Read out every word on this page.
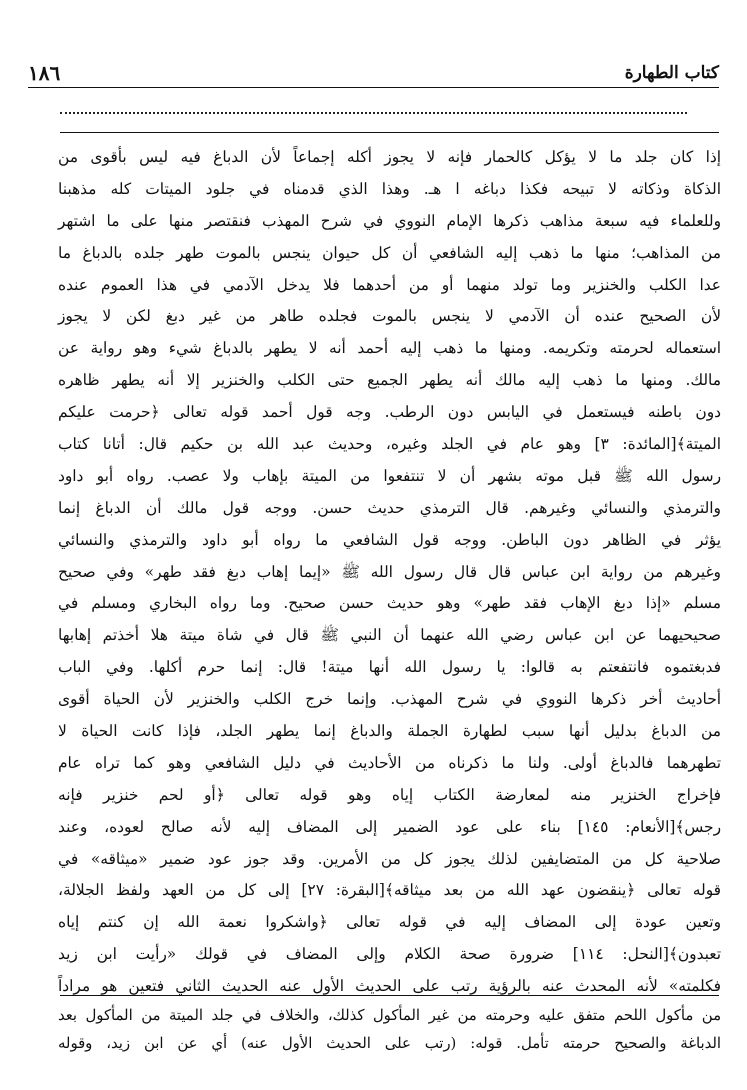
١٨٦	كتاب الطهارة
إذا كان جلد ما لا يؤكل كالحمار فإنه لا يجوز أكله إجماعاً لأن الدباغ فيه ليس بأقوى من
الذكاة وذكاته لا تبيحه فكذا دباغه ا هـ. وهذا الذي قدمناه في جلود الميتات كله مذهبنا
وللعلماء فيه سبعة مذاهب ذكرها الإمام النووي في شرح المهذب فنقتصر منها على ما اشتهر
من المذاهب؛ منها ما ذهب إليه الشافعي أن كل حيوان ينجس بالموت طهر جلده بالدباغ ما
عدا الكلب والخنزير وما تولد منهما أو من أحدهما فلا يدخل الآدمي في هذا العموم عنده
لأن الصحيح عنده أن الآدمي لا ينجس بالموت فجلده طاهر من غير دبغ لكن لا يجوز
استعماله لحرمته وتكريمه. ومنها ما ذهب إليه أحمد أنه لا يطهر بالدباغ شيء وهو رواية عن
مالك. ومنها ما ذهب إليه مالك أنه يطهر الجميع حتى الكلب والخنزير إلا أنه يطهر ظاهره
دون باطنه فيستعمل في اليابس دون الرطب. وجه قول أحمد قوله تعالى ﴿حرمت عليكم
الميتة﴾[المائدة: ٣] وهو عام في الجلد وغيره، وحديث عبد الله بن حكيم قال: أتانا كتاب
رسول الله ﷺ قبل موته بشهر أن لا تنتفعوا من الميتة بإهاب ولا عصب. رواه أبو داود
والترمذي والنسائي وغيرهم. قال الترمذي حديث حسن. ووجه قول مالك أن الدباغ إنما
يؤثر في الظاهر دون الباطن. ووجه قول الشافعي ما رواه أبو داود والترمذي والنسائي
وغيرهم من رواية ابن عباس قال قال رسول الله ﷺ «إيما إهاب دبغ فقد طهر» وفي صحيح
مسلم «إذا دبغ الإهاب فقد طهر» وهو حديث حسن صحيح. وما رواه البخاري ومسلم في
صحيحيهما عن ابن عباس رضي الله عنهما أن النبي ﷺ قال في شاة ميتة هلا أخذتم إهابها
فدبغتموه فانتفعتم به قالوا: يا رسول الله أنها ميتة! قال: إنما حرم أكلها. وفي الباب
أحاديث أخر ذكرها النووي في شرح المهذب. وإنما خرج الكلب والخنزير لأن الحياة أقوى
من الدباغ بدليل أنها سبب لطهارة الجملة والدباغ إنما يطهر الجلد، فإذا كانت الحياة لا
تطهرهما فالدباغ أولى. ولنا ما ذكرناه من الأحاديث في دليل الشافعي وهو كما تراه عام
فإخراج الخنزير منه لمعارضة الكتاب إياه وهو قوله تعالى ﴿أو لحم خنزير فإنه
رجس﴾[الأنعام: ١٤٥] بناء على عود الضمير إلى المضاف إليه لأنه صالح لعوده، وعند
صلاحية كل من المتضايفين لذلك يجوز كل من الأمرين. وقد جوز عود ضمير «ميثاقه» في
قوله تعالى ﴿ينقضون عهد الله من بعد ميثاقه﴾[البقرة: ٢٧] إلى كل من العهد ولفظ الجلالة،
وتعين عودة إلى المضاف إليه في قوله تعالى ﴿واشكروا نعمة الله إن كنتم إياه
تعبدون﴾[النحل: ١١٤] ضرورة صحة الكلام وإلى المضاف في قولك «رأيت ابن زيد
فكلمته» لأنه المحدث عنه بالرؤية رتب على الحديث الأول عنه الحديث الثاني فتعين هو مراداً
من مأكول اللحم متفق عليه وحرمته من غير المأكول كذلك، والخلاف في جلد الميتة من المأكول بعد
الدباغة والصحيح حرمته تأمل. قوله: (رتب على الحديث الأول عنه) أي عن ابن زيد، وقوله
